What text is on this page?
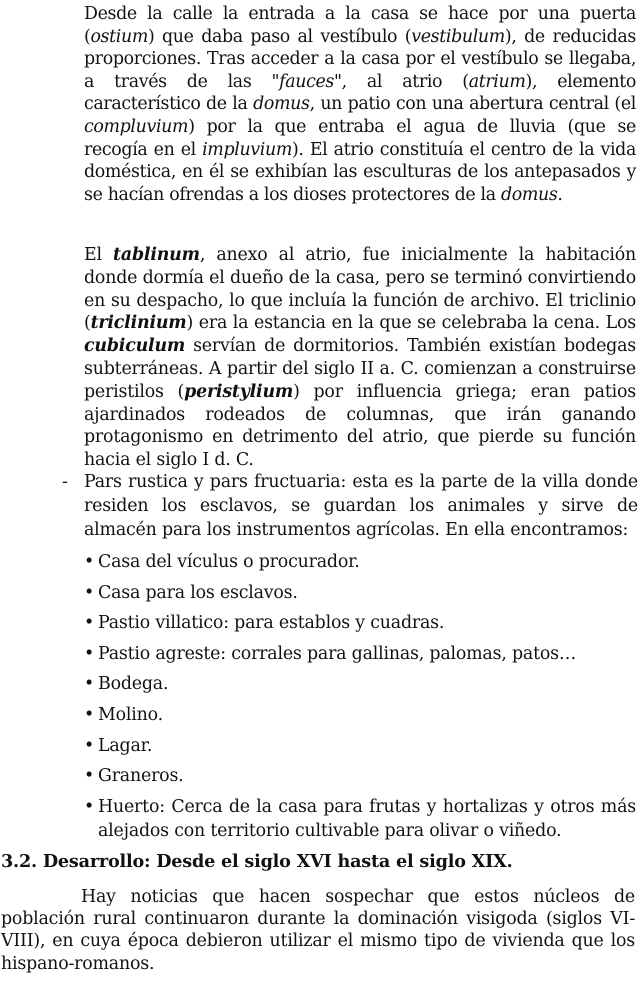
Desde la calle la entrada a la casa se hace por una puerta (ostium) que daba paso al vestíbulo (vestibulum), de reducidas proporciones. Tras acceder a la casa por el vestíbulo se llegaba, a través de las "fauces", al atrio (atrium), elemento característico de la domus, un patio con una abertura central (el compluvium) por la que entraba el agua de lluvia (que se recogía en el impluvium). El atrio constituía el centro de la vida doméstica, en él se exhibían las esculturas de los antepasados y se hacían ofrendas a los dioses protectores de la domus.

El tablinum, anexo al atrio, fue inicialmente la habitación donde dormía el dueño de la casa, pero se terminó convirtiendo en su despacho, lo que incluía la función de archivo. El triclinio (triclinium) era la estancia en la que se celebraba la cena. Los cubiculum servían de dormitorios. También existían bodegas subterráneas. A partir del siglo II a. C. comienzan a construirse peristilos (peristylium) por influencia griega; eran patios ajardinados rodeados de columnas, que irán ganando protagonismo en detrimento del atrio, que pierde su función hacia el siglo I d. C.

- Pars rustica y pars fructuaria: esta es la parte de la villa donde residen los esclavos, se guardan los animales y sirve de almacén para los instrumentos agrícolas. En ella encontramos:

• Casa del vículus o procurador.
• Casa para los esclavos.
• Pastio villatico: para establos y cuadras.
• Pastio agreste: corrales para gallinas, palomas, patos…
• Bodega.
• Molino.
• Lagar.
• Graneros.
• Huerto: Cerca de la casa para frutas y hortalizas y otros más alejados con territorio cultivable para olivar o viñedo.
3.2. Desarrollo: Desde el siglo XVI hasta el siglo XIX.

Hay noticias que hacen sospechar que estos núcleos de población rural continuaron durante la dominación visigoda (siglos VI-VIII), en cuya época debieron utilizar el mismo tipo de vivienda que los hispano-romanos.
